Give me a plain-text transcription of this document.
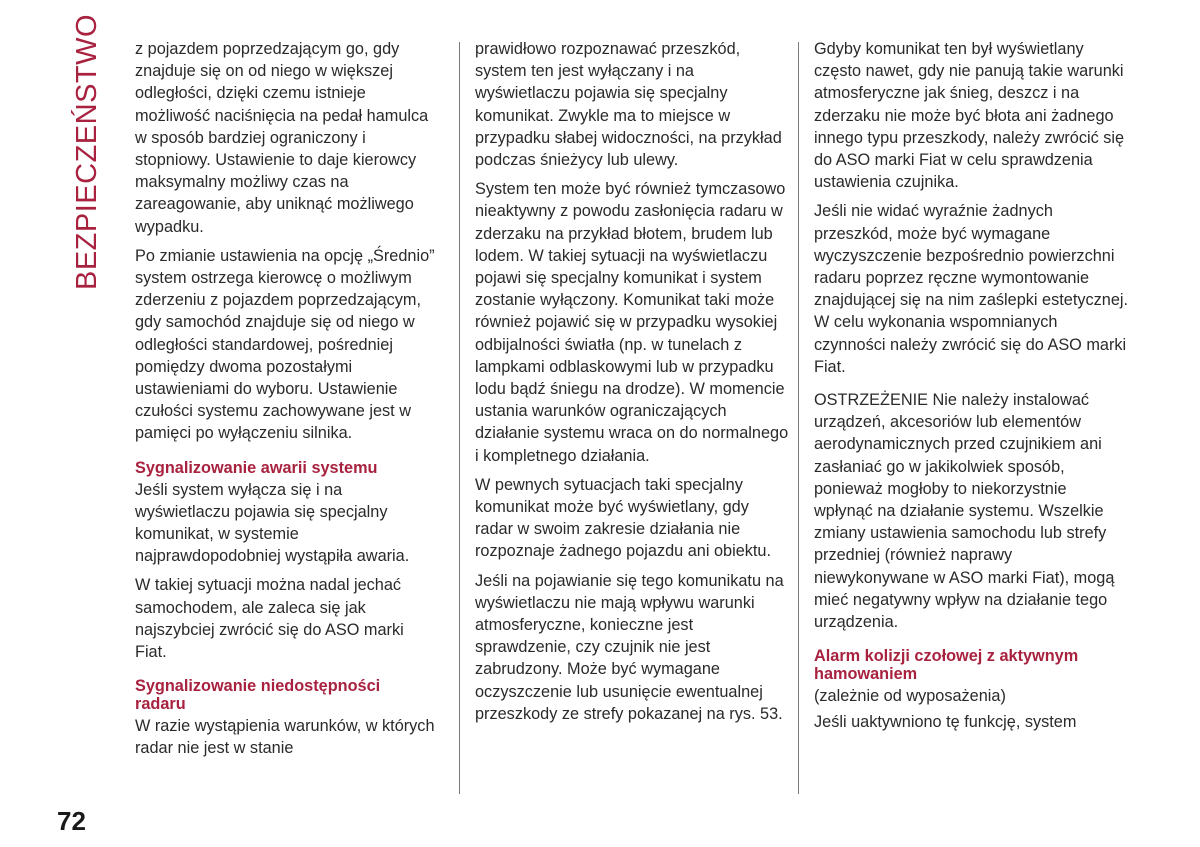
BEZPIECZEŃSTWO z pojazdem poprzedzającym go, gdy znajduje się on od niego w większej odległości, dzięki czemu istnieje możliwość naciśnięcia na pedał hamulca w sposób bardziej ograniczony i stopniowy. Ustawienie to daje kierowcy maksymalny możliwy czas na zareagowanie, aby uniknąć możliwego wypadku.

Po zmianie ustawienia na opcję „Średnio” system ostrzega kierowcę o możliwym zderzeniu z pojazdem poprzedzającym, gdy samochód znajduje się od niego w odległości standardowej, pośredniej pomiędzy dwoma pozostałymi ustawieniami do wyboru. Ustawienie czułości systemu zachowywane jest w pamięci po wyłączeniu silnika.

Sygnalizowanie awarii systemu

Jeśli system wyłącza się i na wyświetlaczu pojawia się specjalny komunikat, w systemie najprawdopodobniej wystąpiła awaria.

W takiej sytuacji można nadal jechać samochodem, ale zaleca się jak najszybciej zwrócić się do ASO marki Fiat.

Sygnalizowanie niedostępności radaru

W razie wystąpienia warunków, w których radar nie jest w stanie

prawidłowo rozpoznawać przeszkód, system ten jest wyłączany i na wyświetlaczu pojawia się specjalny komunikat. Zwykle ma to miejsce w przypadku słabej widoczności, na przykład podczas śnieżycy lub ulewy.

System ten może być również tymczasowo nieaktywny z powodu zasłonięcia radaru w zderzaku na przykład błotem, brudem lub lodem. W takiej sytuacji na wyświetlaczu pojawi się specjalny komunikat i system zostanie wyłączony. Komunikat taki może również pojawić się w przypadku wysokiej odbijalności światła (np. w tunelach z lampkami odblaskowymi lub w przypadku lodu bądź śniegu na drodze). W momencie ustania warunków ograniczających działanie systemu wraca on do normalnego i kompletnego działania.

W pewnych sytuacjach taki specjalny komunikat może być wyświetlany, gdy radar w swoim zakresie działania nie rozpoznaje żadnego pojazdu ani obiektu.

Jeśli na pojawianie się tego komunikatu na wyświetlaczu nie mają wpływu warunki atmosferyczne, konieczne jest sprawdzenie, czy czujnik nie jest zabrudzony. Może być wymagane oczyszczenie lub usunięcie ewentualnej przeszkody ze strefy pokazanej na rys. 53.

Gdyby komunikat ten był wyświetlany często nawet, gdy nie panują takie warunki atmosferyczne jak śnieg, deszcz i na zderzaku nie może być błota ani żadnego innego typu przeszkody, należy zwrócić się do ASO marki Fiat w celu sprawdzenia ustawienia czujnika.

Jeśli nie widać wyraźnie żadnych przeszkód, może być wymagane wyczyszczenie bezpośrednio powierzchni radaru poprzez ręczne wymontowanie znajdującej się na nim zaślepki estetycznej. W celu wykonania wspomnianych czynności należy zwrócić się do ASO marki Fiat.

OSTRZEŻENIE Nie należy instalować urządzeń, akcesoriów lub elementów aerodynamicznych przed czujnikiem ani zasłaniać go w jakikolwiek sposób, ponieważ mogłoby to niekorzystnie wpłynąć na działanie systemu. Wszelkie zmiany ustawienia samochodu lub strefy przedniej (również naprawy niewykonywane w ASO marki Fiat), mogą mieć negatywny wpływ na działanie tego urządzenia.

Alarm kolizji czołowej z aktywnym hamowaniem

(zależnie od wyposażenia)

Jeśli uaktywniono tę funkcję, system

72
